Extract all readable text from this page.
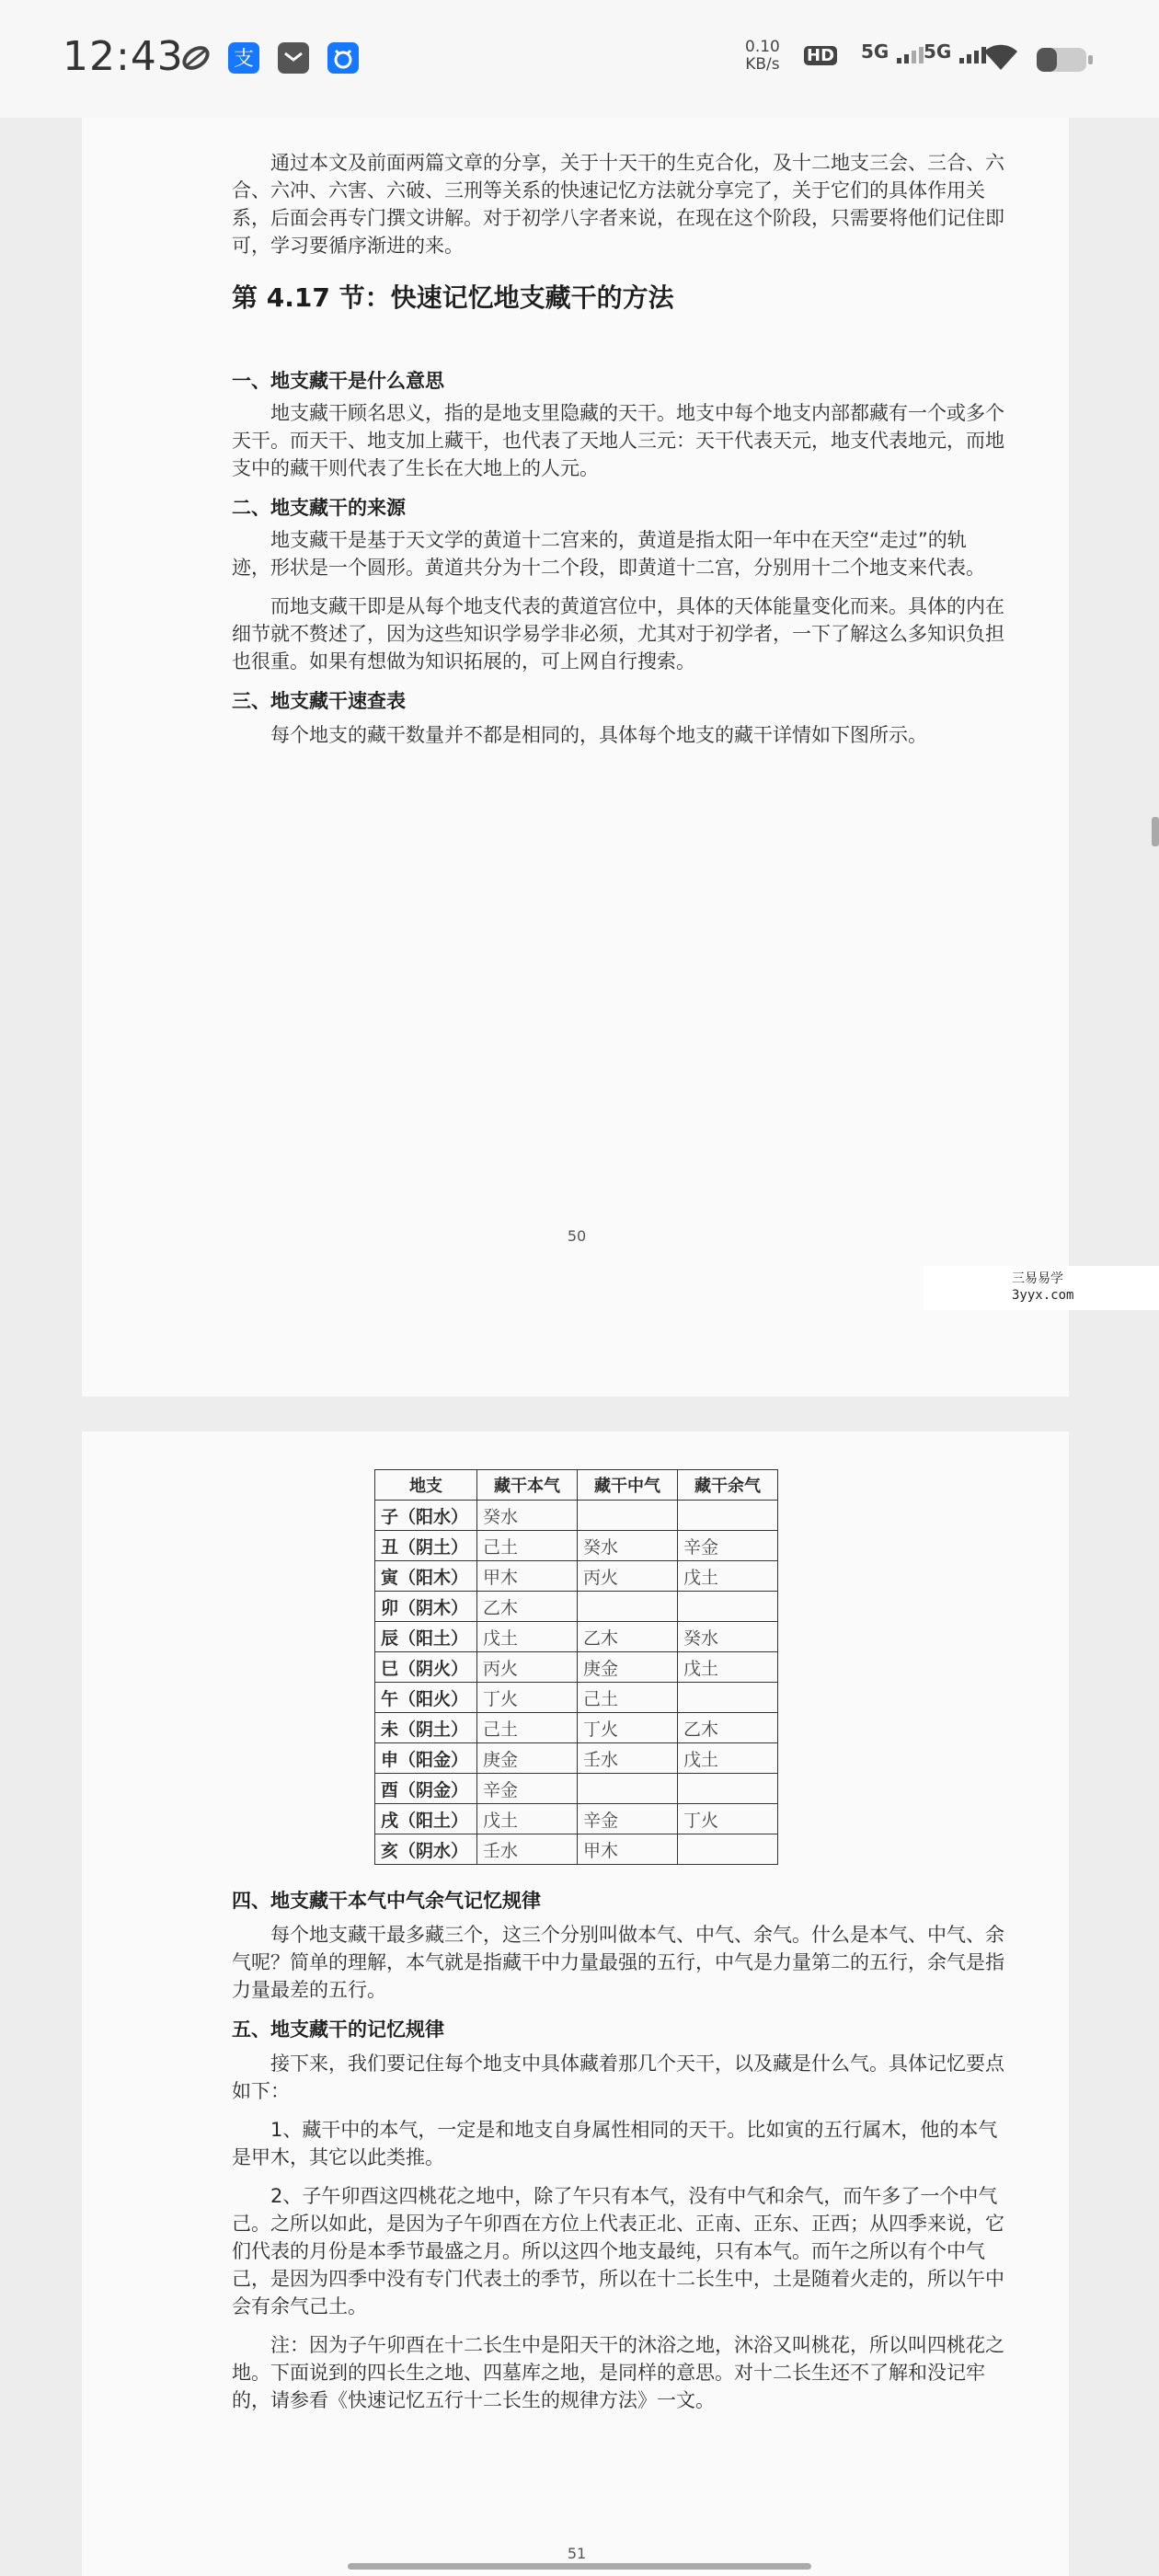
12:43 支
0.10
KB/s HD 5G	5G

通过本文及前面两篇文章的分享，关于十天干的生克合化，及十二地支三会、三合、六合、六冲、六害、六破、三刑等关系的快速记忆方法就分享完了，关于它们的具体作用关系，后面会再专门撰文讲解。对于初学八字者来说，在现在这个阶段，只需要将他们记住即可，学习要循序渐进的来。

第 4.17 节：快速记忆地支藏干的方法

一、地支藏干是什么意思

地支藏干顾名思义，指的是地支里隐藏的天干。地支中每个地支内部都藏有一个或多个天干。而天干、地支加上藏干，也代表了天地人三元：天干代表天元，地支代表地元，而地支中的藏干则代表了生长在大地上的人元。

二、地支藏干的来源

地支藏干是基于天文学的黄道十二宫来的，黄道是指太阳一年中在天空“走过”的轨迹，形状是一个圆形。黄道共分为十二个段，即黄道十二宫，分别用十二个地支来代表。

而地支藏干即是从每个地支代表的黄道宫位中，具体的天体能量变化而来。具体的内在细节就不赘述了，因为这些知识学易学非必须，尤其对于初学者，一下了解这么多知识负担也很重。如果有想做为知识拓展的，可上网自行搜索。

三、地支藏干速查表

每个地支的藏干数量并不都是相同的，具体每个地支的藏干详情如下图所示。

50
三易易学
3yyx.com
地支	藏干本气	藏干中气	藏干余气
子（阳水）	癸水		
丑（阴土）	己土	癸水	辛金
寅（阳木）	甲木	丙火	戊土
卯（阴木）	乙木		
辰（阳土）	戊土	乙木	癸水
巳（阴火）	丙火	庚金	戊土
午（阳火）	丁火	己土	
未（阴土）	己土	丁火	乙木
申（阳金）	庚金	壬水	戊土
酉（阴金）	辛金		
戌（阳土）	戊土	辛金	丁火
亥（阴水）	壬水	甲木	

四、地支藏干本气中气余气记忆规律

每个地支藏干最多藏三个，这三个分别叫做本气、中气、余气。什么是本气、中气、余气呢？简单的理解，本气就是指藏干中力量最强的五行，中气是力量第二的五行，余气是指力量最差的五行。

五、地支藏干的记忆规律

接下来，我们要记住每个地支中具体藏着那几个天干，以及藏是什么气。具体记忆要点如下：

1、藏干中的本气，一定是和地支自身属性相同的天干。比如寅的五行属木，他的本气是甲木，其它以此类推。

2、子午卯酉这四桃花之地中，除了午只有本气，没有中气和余气，而午多了一个中气己。之所以如此，是因为子午卯酉在方位上代表正北、正南、正东、正西；从四季来说，它们代表的月份是本季节最盛之月。所以这四个地支最纯，只有本气。而午之所以有个中气己，是因为四季中没有专门代表土的季节，所以在十二长生中，土是随着火走的，所以午中会有余气己土。

注：因为子午卯酉在十二长生中是阳天干的沐浴之地，沐浴又叫桃花，所以叫四桃花之地。下面说到的四长生之地、四墓库之地，是同样的意思。对十二长生还不了解和没记牢的，请参看《快速记忆五行十二长生的规律方法》一文。

51
